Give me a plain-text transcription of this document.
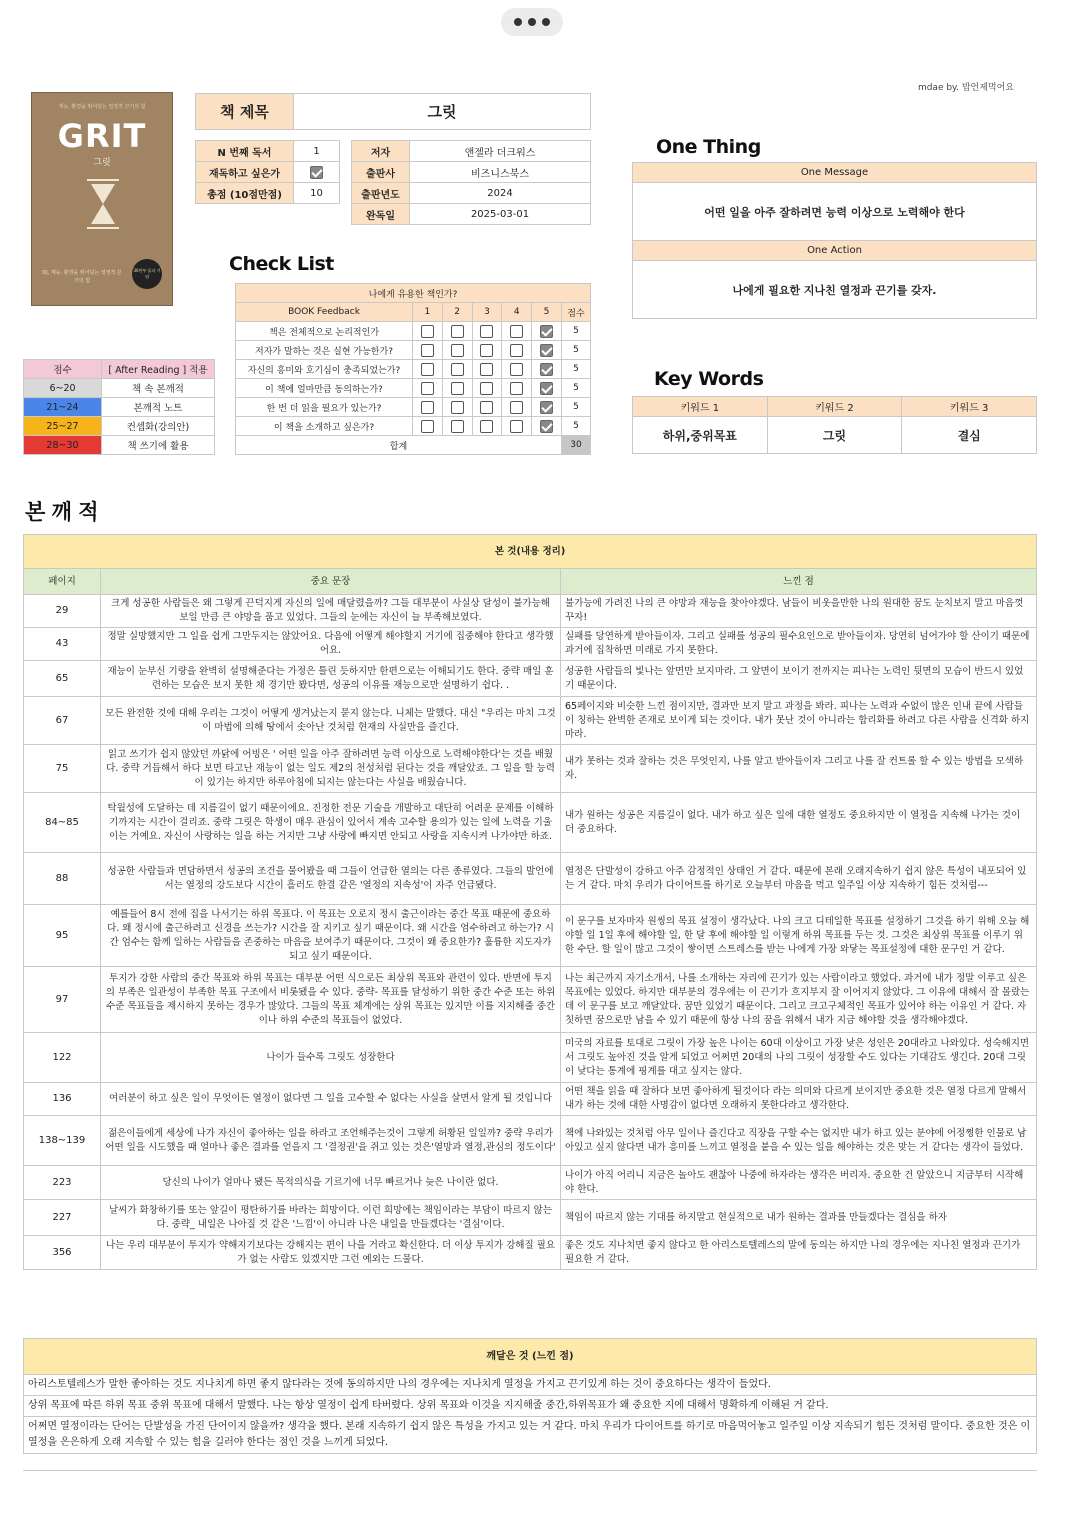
mdae by. 밥언제먹어요
재능, 환경을 뛰어넘는 열정적 끈기의 힘
GRIT
그릿
IQ, 재능, 환경을 뛰어넘는 열정적 끈기의 힘
30만부 돌파 기념
책 제목	그릿
N 번째 독서	1
재독하고 싶은가	
총점 (10점만점)	10
저자	앤젤라 더크워스
출판사	비즈니스북스
출판년도	2024
완독일	2025-03-01
One Thing
One Message
어떤 일을 아주 잘하려면 능력 이상으로 노력해야 한다
One Action
나에게 필요한 지나친 열정과 끈기를 갖자.
Check List
나에게 유용한 책인가?						
BOOK Feedback	1	2	3	4	5	점수
책은 전체적으로 논리적인가						5
저자가 말하는 것은 실현 가능한가?						5
자신의 흥미와 호기심이 충족되었는가?						5
이 책에 얼마만큼 동의하는가?						5
한 번 더 읽을 필요가 있는가?						5
이 책을 소개하고 싶은가?						5
합계						30
점수	[ After Reading ] 적용
6~20	책 속 본깨적
21~24	본깨적 노트
25~27	컨셉화(강의안)
28~30	책 쓰기에 활용
Key Words
키워드 1	키워드 2	키워드 3
하위,중위목표	그릿	결심
본 깨 적
본 것(내용 정리)		
페이지	중요 문장	느낀 점
29	크게 성공한 사람들은 왜 그렇게 끈덕지게 자신의 일에 매달렸을까? 그들 대부분이 사실상 달성이 불가능해 보일 만큼 큰 야망을 품고 있었다. 그들의 눈에는 자신이 늘 부족해보였다.	불가능에 가려진 나의 큰 야망과 재능을 찾아야겠다. 남들이 비웃을만한 나의 원대한 꿈도 눈치보지 말고 마음껏 꾸자!
43	정말 실망했지만 그 일을 쉽게 그만두지는 않았어요. 다음에 어떻게 해야할지 거기에 집중해야 한다고 생각했어요.	실패를 당연하게 받아들이자. 그리고 실패를 성공의 필수요인으로 받아들이자. 당연히 넘어가야 할 산이기 때문에 과거에 집착하면 미래로 가지 못한다.
65	재능이 눈부신 기량을 완벽히 설명해준다는 가정은 틀린 듯하지만 한편으로는 이해되기도 한다. 중략 매일 훈련하는 모습은 보지 못한 채 경기만 봤다면, 성공의 이유를 재능으로만 설명하기 쉽다. .	성공한 사람들의 빛나는 앞면만 보지마라. 그 앞면이 보이기 전까지는 피나는 노력인 뒷면의 모습이 반드시 있었기 때문이다.
67	모든 완전한 것에 대해 우리는 그것이 어떻게 생겨났는지 묻지 않는다. 니체는 말했다. 대신 "우리는 마치 그것이 마법에 의해 땅에서 솟아난 것처럼 현재의 사실만을 즐긴다.	65페이지와 비슷한 느낀 점이지만, 결과만 보지 말고 과정을 봐라. 피나는 노력과 수없이 많은 인내 끝에 사람들이 칭하는 완벽한 존재로 보이게 되는 것이다. 내가 못난 것이 아니라는 합리화를 하려고 다른 사람을 신격화 하지마라.
75	읽고 쓰기가 쉽지 않았던 까닭에 어빙은 ' 어떤 일을 아주 잘하려면 능력 이상으로 노력해야한다'는 것을 배웠다. 중략 거듭해서 하다 보면 타고난 재능이 없는 일도 제2의 천성처럼 된다는 것을 깨달았죠. 그 일을 할 능력이 있기는 하지만 하루아침에 되지는 않는다는 사실을 배웠습니다.	내가 못하는 것과 잘하는 것은 무엇인지, 나를 알고 받아들이자 그리고 나를 잘 컨트롤 할 수 있는 방법을 모색하자.
84~85	탁월성에 도달하는 데 지름길이 없기 때문이에요. 진정한 전문 기술을 개발하고 대단히 어려운 문제를 이해하기까지는 시간이 걸리죠. 중략 그릿은 학생이 매우 관심이 있어서 계속 고수할 용의가 있는 일에 노력을 기울이는 거예요. 자신이 사랑하는 일을 하는 거지만 그냥 사랑에 빠지면 안되고 사랑을 지속시켜 나가야만 하죠.	내가 원하는 성공은 지름길이 없다. 내가 하고 싶은 일에 대한 열정도 중요하지만 이 열정을 지속해 나가는 것이 더 중요하다.
88	성공한 사람들과 면담하면서 성공의 조건을 물어봤을 때 그들이 언급한 열의는 다른 종류였다. 그들의 발언에서는 열정의 강도보다 시간이 흘러도 한결 같은 '열정의 지속성'이 자주 언급됐다.	열정은 단발성이 강하고 아주 감정적인 상태인 거 같다. 때문에 본래 오래지속하기 쉽지 않은 특성이 내포되어 있는 거 같다. 마치 우리가 다이어트를 하기로 오늘부터 마음을 먹고 일주일 이상 지속하기 힘든 것처럼---
95	예를들어 8시 전에 집을 나서기는 하위 목표다. 이 목표는 오로지 정시 출근이라는 중간 목표 때문에 중요하다. 왜 정시에 출근하려고 신경을 쓰는가? 시간을 잘 지키고 싶기 때문이다. 왜 시간을 엄수하려고 하는가? 시간 엄수는 함께 일하는 사람들을 존중하는 마음을 보여주기 때문이다. 그것이 왜 중요한가? 훌륭한 지도자가 되고 싶기 때문이다.	이 문구를 보자마자 원씽의 목표 설정이 생각났다. 나의 크고 디테일한 목표를 설정하기 그것을 하기 위해 오늘 해야할 일 1일 후에 해야할 일, 한 달 후에 해야할 일 이렇게 하위 목표를 두는 것. 그것은 최상위 목표를 이루기 위한 수단. 할 일이 많고 그것이 쌓이면 스트레스를 받는 나에게 가장 와닿는 목표설정에 대한 문구인 거 같다.
97	투지가 강한 사람의 중간 목표와 하위 목표는 대부분 어떤 식으로든 최상위 목표와 관련이 있다. 반면에 투지의 부족은 일관성이 부족한 목표 구조에서 비롯됐을 수 있다. 중략- 목표를 달성하기 위한 중간 수준 또는 하위 수준 목표들을 제시하지 못하는 경우가 많았다. 그들의 목표 체계에는 상위 목표는 있지만 이를 지지해줄 중간이나 하위 수준의 목표들이 없었다.	나는 최근까지 자기소개서, 나를 소개하는 자리에 끈기가 있는 사람이라고 했었다. 과거에 내가 정말 이루고 싶은 목표에는 있었다. 하지만 대부분의 경우에는 이 끈기가 흐지부지 잘 이어지지 않았다. 그 이유에 대해서 잘 몰랐는데 이 문구를 보고 깨달았다. 꿈만 있었기 때문이다. 그리고 크고구체적인 목표가 있어야 하는 이유인 거 같다. 자칫하면 꿈으로만 남을 수 있기 때문에 항상 나의 꿈을 위해서 내가 지금 해야할 것을 생각해야겠다.
122	나이가 들수록 그릿도 성장한다	미국의 자료를 토대로 그릿이 가장 높은 나이는 60대 이상이고 가장 낮은 성인은 20대라고 나와있다. 성숙해지면서 그릿도 높아진 것을 알게 되었고 어쩌면 20대의 나의 그릿이 성장할 수도 있다는 기대감도 생긴다. 20대 그릿이 낮다는 통계에 핑계를 대고 싶지는 않다.
136	여러분이 하고 싶은 일이 무엇이든 열정이 없다면 그 일을 고수할 수 없다는 사실을 살면서 알게 될 것입니다	어떤 책을 읽을 때 잘하다 보면 좋아하게 될것이다 라는 의미와 다르게 보이지만 중요한 것은 열정 다르게 말해서 내가 하는 것에 대한 사명감이 없다면 오래하지 못한다라고 생각한다.
138~139	젊은이들에게 세상에 나가 자신이 좋아하는 일을 하라고 조언해주는것이 그렇게 허황된 일일까? 중략 우리가 어떤 일을 시도했을 때 얼마나 좋은 결과를 얻을지 그 '결정권'을 쥐고 있는 것은'열망과 열정,관심의 정도이다'	책에 나와있는 것처럼 아무 일이나 즐긴다고 직장을 구할 수는 없지만 내가 하고 있는 분야에 어정쩡한 인물로 남아있고 싶지 않다면 내가 흥미를 느끼고 열정을 붙을 수 있는 일을 해야하는 것은 맞는 거 같다는 생각이 들었다.
223	당신의 나이가 얼마나 됐든 목적의식을 기르기에 너무 빠르거나 늦은 나이란 없다.	나이가 아직 어리니 지금은 놀아도 괜찮아 나중에 하자라는 생각은 버리자. 중요한 건 알았으니 지금부터 시작해야 한다.
227	날씨가 화창하기를 또는 앞길이 평탄하기를 바라는 희망이다. 이런 희망에는 책임이라는 부담이 따르지 않는다. 중략_ 내일은 나아질 것 같은 '느낌'이 아니라 나은 내일을 만들겠다는 '결심'이다.	책임이 따르지 않는 기대를 하지말고 현실적으로 내가 원하는 결과를 만들겠다는 결심을 하자
356	나는 우리 대부분이 투지가 약해지기보다는 강해지는 편이 나을 거라고 확신한다. 더 이상 투지가 강해질 필요가 없는 사람도 있겠지만 그런 예외는 드물다.	좋은 것도 지나치면 좋지 않다고 한 아리스토텔레스의 말에 동의는 하지만 나의 경우에는 지나친 열정과 끈기가 필요한 거 같다.
깨달은 것 (느낀 점)
아리스토텔레스가 말한 좋아하는 것도 지나치게 하면 좋지 않다라는 것에 동의하지만 나의 경우에는 지나치게 열정을 가지고 끈기있게 하는 것이 중요하다는 생각이 들었다.
상위 목표에 따른 하위 목표 중위 목표에 대해서 말했다. 나는 항상 열정이 쉽게 타버렸다. 상위 목표와 이것을 지지해줄 중간,하위목표가 왜 중요한 지에 대해서 명확하게 이해된 거 같다.
어쩌면 열정이라는 단어는 단발성을 가진 단어이지 않을까? 생각을 했다. 본래 지속하기 쉽지 않은 특성을 가지고 있는 거 같다. 마치 우리가 다이어트를 하기로 마음먹어놓고 일주일 이상 지속되기 힘든 것처럼 말이다. 중요한 것은 이 열정을 은은하게 오래 지속할 수 있는 힘을 길러야 한다는 점인 것을 느끼게 되었다.
